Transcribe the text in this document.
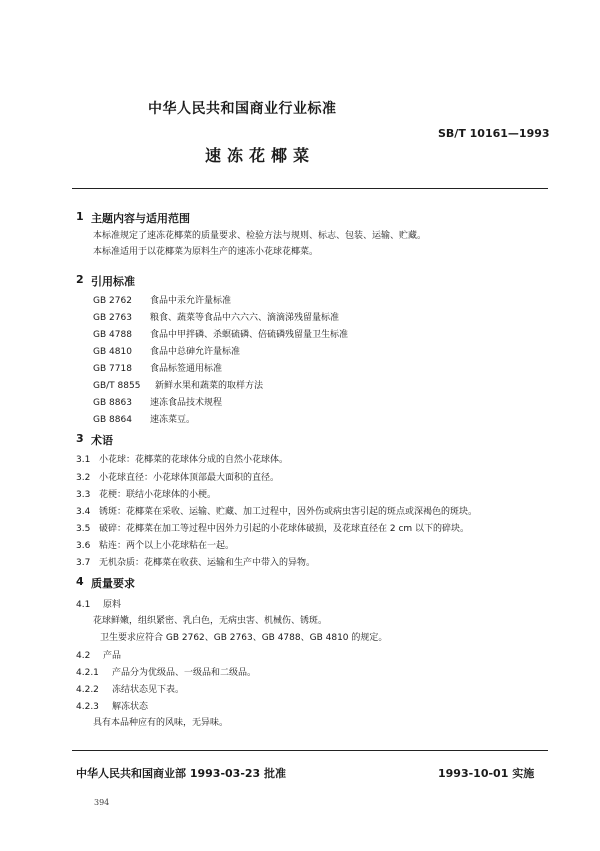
中华人民共和国商业行业标准
SB/T 10161—1993
速冻花椰菜
1 主题内容与适用范围
本标准规定了速冻花椰菜的质量要求、检验方法与规则、标志、包装、运输、贮藏。
本标准适用于以花椰菜为原料生产的速冻小花球花椰菜。
2 引用标准
GB 2762 食品中汞允许量标准
GB 2763 粮食、蔬菜等食品中六六六、滴滴涕残留量标准
GB 4788 食品中甲拌磷、杀螟硫磷、倍硫磷残留量卫生标准
GB 4810 食品中总砷允许量标准
GB 7718 食品标签通用标准
GB/T 8855 新鲜水果和蔬菜的取样方法
GB 8863 速冻食品技术规程
GB 8864 速冻菜豆。
3 术语
3.1 小花球：花椰菜的花球体分成的自然小花球体。
3.2 小花球直径：小花球体顶部最大面积的直径。
3.3 花梗：联结小花球体的小梗。
3.4 锈斑：花椰菜在采收、运输、贮藏、加工过程中，因外伤或病虫害引起的斑点或深褐色的斑块。
3.5 破碎：花椰菜在加工等过程中因外力引起的小花球体破损，及花球直径在 2 cm 以下的碎块。
3.6 粘连：两个以上小花球粘在一起。
3.7 无机杂质：花椰菜在收获、运输和生产中带入的异物。
4 质量要求
4.1 原料
花球鲜嫩，组织紧密、乳白色，无病虫害、机械伤、锈斑。
卫生要求应符合 GB 2762、GB 2763、GB 4788、GB 4810 的规定。
4.2 产品
4.2.1 产品分为优级品、一级品和二级品。
4.2.2 冻结状态见下表。
4.2.3 解冻状态
具有本品种应有的风味，无异味。
中华人民共和国商业部 1993-03-23 批准	1993-10-01 实施
394
